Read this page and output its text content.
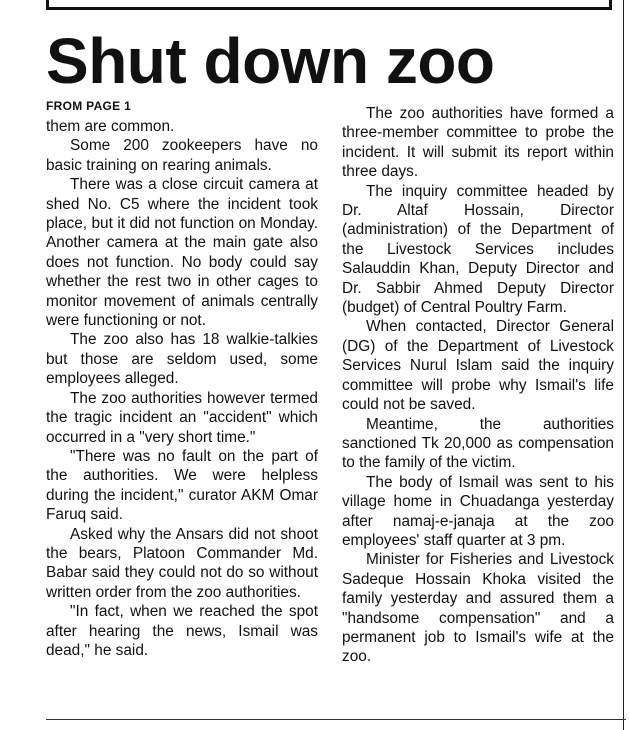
Shut down zoo
FROM PAGE 1

them are common.

Some 200 zookeepers have no basic training on rearing animals.

There was a close circuit camera at shed No. C5 where the incident took place, but it did not function on Monday. Another camera at the main gate also does not function. No body could say whether the rest two in other cages to monitor movement of animals centrally were functioning or not.

The zoo also has 18 walkie-talkies but those are seldom used, some employees alleged.

The zoo authorities however termed the tragic incident an "accident" which occurred in a "very short time."

"There was no fault on the part of the authorities. We were helpless during the incident," curator AKM Omar Faruq said.

Asked why the Ansars did not shoot the bears, Platoon Commander Md. Babar said they could not do so without written order from the zoo authorities.

"In fact, when we reached the spot after hearing the news, Ismail was dead," he said.

The zoo authorities have formed a three-member committee to probe the incident. It will submit its report within three days.

The inquiry committee headed by Dr. Altaf Hossain, Director (administration) of the Department of the Livestock Services includes Salauddin Khan, Deputy Director and Dr. Sabbir Ahmed Deputy Director (budget) of Central Poultry Farm.

When contacted, Director General (DG) of the Department of Livestock Services Nurul Islam said the inquiry committee will probe why Ismail's life could not be saved.

Meantime, the authorities sanctioned Tk 20,000 as compensation to the family of the victim.

The body of Ismail was sent to his village home in Chuadanga yesterday after namaj-e-janaja at the zoo employees' staff quarter at 3 pm.

Minister for Fisheries and Livestock Sadeque Hossain Khoka visited the family yesterday and assured them a "handsome compensation" and a permanent job to Ismail's wife at the zoo.
